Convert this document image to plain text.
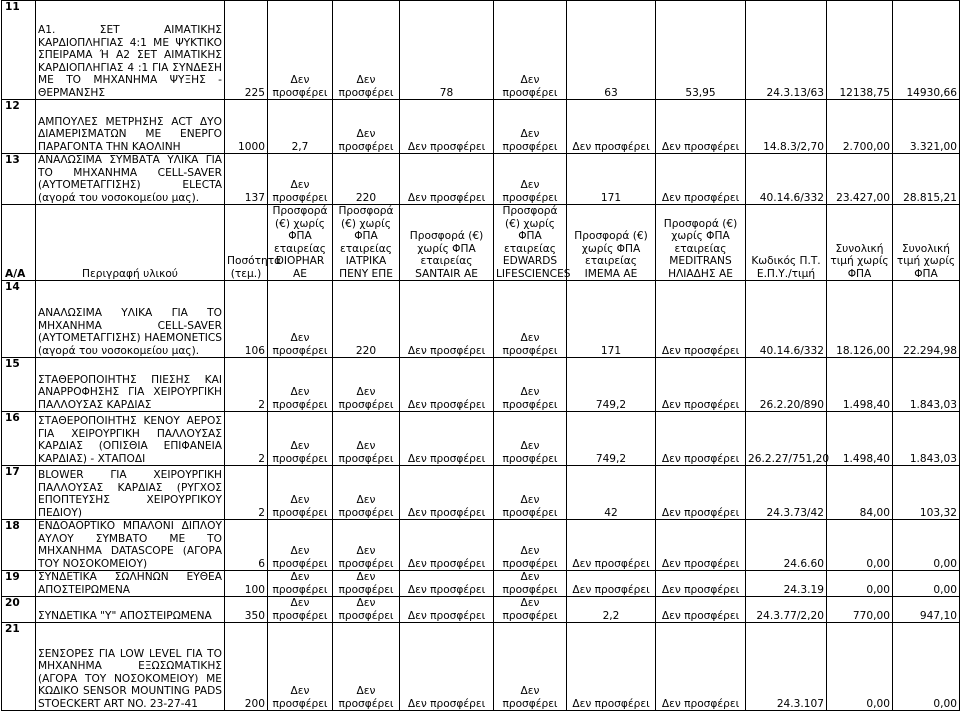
11	Α1. ΣΕΤ ΑΙΜΑΤΙΚΗΣ ΚΑΡΔΙΟΠΛΗΓΙΑΣ 4:1 ΜΕ ΨΥΚΤΙΚΟ ΣΠΕΙΡΑΜΑ Ή Α2 ΣΕΤ ΑΙΜΑΤΙΚΗΣ ΚΑΡΔΙΟΠΛΗΓΙΑΣ 4 :1 ΓΙΑ ΣΥΝΔΕΣΗ ΜΕ ΤΟ ΜΗΧΑΝΗΜΑ ΨΥΞΗΣ - ΘΕΡΜΑΝΣΗΣ	225	Δεν προσφέρει	Δεν προσφέρει	78	Δεν προσφέρει	63	53,95	24.3.13/63	12138,75	14930,66
12	ΑΜΠΟΥΛΕΣ ΜΕΤΡΗΣΗΣ ACT ΔΥΟ ΔΙΑΜΕΡΙΣΜΑΤΩΝ ΜΕ ΕΝΕΡΓΟ ΠΑΡΑΓΟΝΤΑ ΤΗΝ ΚΑΟΛΙΝΗ	1000	2,7	Δεν προσφέρει	Δεν προσφέρει	Δεν προσφέρει	Δεν προσφέρει	Δεν προσφέρει	14.8.3/2,70	2.700,00	3.321,00
13	ΑΝΑΛΩΣΙΜΑ ΣΥΜΒΑΤΑ ΥΛΙΚΑ ΓΙΑ ΤΟ ΜΗΧΑΝΗΜΑ CELL-SAVER (ΑΥΤΟΜΕΤΑΓΓΙΣΗΣ) ELECTA (αγορά του νοσοκομείου μας).	137	Δεν προσφέρει	220	Δεν προσφέρει	Δεν προσφέρει	171	Δεν προσφέρει	40.14.6/332	23.427,00	28.815,21
Α/Α	Περιγραφή υλικού	Ποσότητα (τεμ.)	Προσφορά (€) χωρίς ΦΠΑ εταιρείας DIOPHAR AE	Προσφορά (€) χωρίς ΦΠΑ εταιρείας ΙΑΤΡΙΚΑ ΠΕΝΥ ΕΠΕ	Προσφορά (€) χωρίς ΦΠΑ εταιρείας SANTAIR AE	Προσφορά (€) χωρίς ΦΠΑ εταιρείας EDWARDS LIFESCIENCES	Προσφορά (€) χωρίς ΦΠΑ εταιρείας ΙΜΕΜΑ ΑΕ	Προσφορά (€) χωρίς ΦΠΑ εταιρείας MEDITRANS ΗΛΙΑΔΗΣ ΑΕ	Κωδικός Π.Τ. Ε.Π.Υ./τιμή	Συνολική τιμή χωρίς ΦΠΑ	Συνολική τιμή χωρίς ΦΠΑ
14	ΑΝΑΛΩΣΙΜΑ ΥΛΙΚΑ ΓΙΑ ΤΟ ΜΗΧΑΝΗΜΑ CELL-SAVER (ΑΥΤΟΜΕΤΑΓΓΙΣΗΣ) HAEMONETICS (αγορά του νοσοκομείου μας).	106	Δεν προσφέρει	220	Δεν προσφέρει	Δεν προσφέρει	171	Δεν προσφέρει	40.14.6/332	18.126,00	22.294,98
15	ΣΤΑΘΕΡΟΠΟΙΗΤΗΣ ΠΙΕΣΗΣ ΚΑΙ ΑΝΑΡΡΟΦΗΣΗΣ ΓΙΑ ΧΕΙΡΟΥΡΓΙΚΗ ΠΑΛΛΟΥΣΑΣ ΚΑΡΔΙΑΣ	2	Δεν προσφέρει	Δεν προσφέρει	Δεν προσφέρει	Δεν προσφέρει	749,2	Δεν προσφέρει	26.2.20/890	1.498,40	1.843,03
16	ΣΤΑΘΕΡΟΠΟΙΗΤΗΣ ΚΕΝΟΥ ΑΕΡΟΣ ΓΙΑ ΧΕΙΡΟΥΡΓΙΚΗ ΠΑΛΛΟΥΣΑΣ ΚΑΡΔΙΑΣ (ΟΠΙΣΘΙΑ ΕΠΙΦΑΝΕΙΑ ΚΑΡΔΙΑΣ) - ΧΤΑΠΟΔΙ	2	Δεν προσφέρει	Δεν προσφέρει	Δεν προσφέρει	Δεν προσφέρει	749,2	Δεν προσφέρει	26.2.27/751,20	1.498,40	1.843,03
17	BLOWER ΓΙΑ ΧΕΙΡΟΥΡΓΙΚΗ ΠΑΛΛΟΥΣΑΣ ΚΑΡΔΙΑΣ (ΡΥΓΧΟΣ ΕΠΟΠΤΕΥΣΗΣ ΧΕΙΡΟΥΡΓΙΚΟΥ ΠΕΔΙΟΥ)	2	Δεν προσφέρει	Δεν προσφέρει	Δεν προσφέρει	Δεν προσφέρει	42	Δεν προσφέρει	24.3.73/42	84,00	103,32
18	ΕΝΔΟΑΟΡΤΙΚΟ ΜΠΑΛΟΝΙ ΔΙΠΛΟΥ ΑΥΛΟΥ ΣΥΜΒΑΤΟ ΜΕ ΤΟ ΜΗΧΑΝΗΜΑ DATASCOPE (ΑΓΟΡΑ ΤΟΥ ΝΟΣΟΚΟΜΕΙΟΥ)	6	Δεν προσφέρει	Δεν προσφέρει	Δεν προσφέρει	Δεν προσφέρει	Δεν προσφέρει	Δεν προσφέρει	24.6.60	0,00	0,00
19	ΣΥΝΔΕΤΙΚΑ ΣΩΛΗΝΩΝ ΕΥΘΕΑ ΑΠΟΣΤΕΙΡΩΜΕΝΑ	100	Δεν προσφέρει	Δεν προσφέρει	Δεν προσφέρει	Δεν προσφέρει	Δεν προσφέρει	Δεν προσφέρει	24.3.19	0,00	0,00
20	ΣΥΝΔΕΤΙΚΑ "Y" ΑΠΟΣΤΕΙΡΩΜΕΝΑ	350	Δεν προσφέρει	Δεν προσφέρει	Δεν προσφέρει	Δεν προσφέρει	2,2	Δεν προσφέρει	24.3.77/2,20	770,00	947,10
21	ΣΕΝΣΟΡΕΣ ΓΙΑ LOW LEVEL ΓΙΑ ΤΟ ΜΗΧΑΝΗΜΑ ΕΞΩΣΩΜΑΤΙΚΗΣ (ΑΓΟΡΑ ΤΟΥ ΝΟΣΟΚΟΜΕΙΟΥ) ΜΕ ΚΩΔΙΚΟ SENSOR MOUNTING PADS STOECKERT ART NO. 23-27-41	200	Δεν προσφέρει	Δεν προσφέρει	Δεν προσφέρει	Δεν προσφέρει	Δεν προσφέρει	Δεν προσφέρει	24.3.107	0,00	0,00
